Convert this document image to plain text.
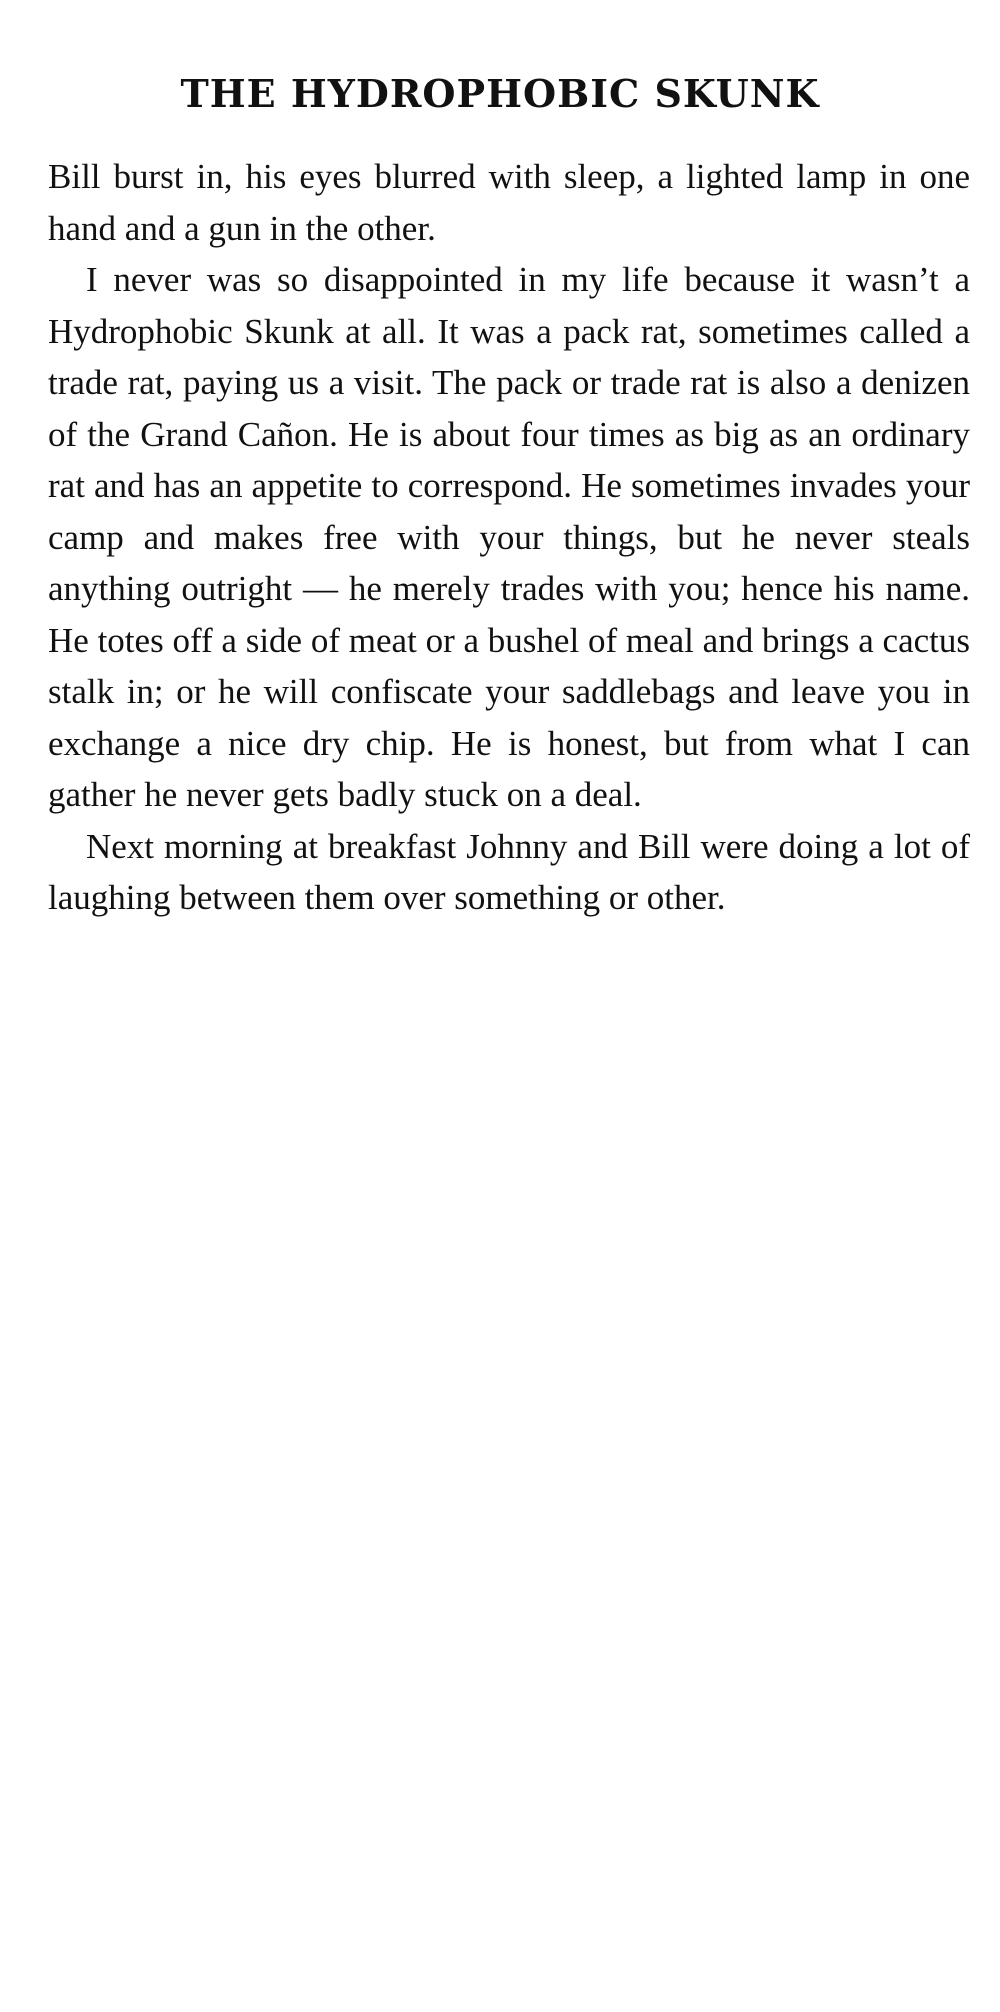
THE HYDROPHOBIC SKUNK

Bill burst in, his eyes blurred with sleep, a lighted lamp in one hand and a gun in the other.

I never was so disappointed in my life because it wasn’t a Hydrophobic Skunk at all. It was a pack rat, sometimes called a trade rat, paying us a visit. The pack or trade rat is also a denizen of the Grand Cañon. He is about four times as big as an ordinary rat and has an appetite to correspond. He sometimes invades your camp and makes free with your things, but he never steals anything outright — he merely trades with you; hence his name. He totes off a side of meat or a bushel of meal and brings a cactus stalk in; or he will confiscate your saddlebags and leave you in exchange a nice dry chip. He is honest, but from what I can gather he never gets badly stuck on a deal.

Next morning at breakfast Johnny and Bill were doing a lot of laughing between them over something or other.
